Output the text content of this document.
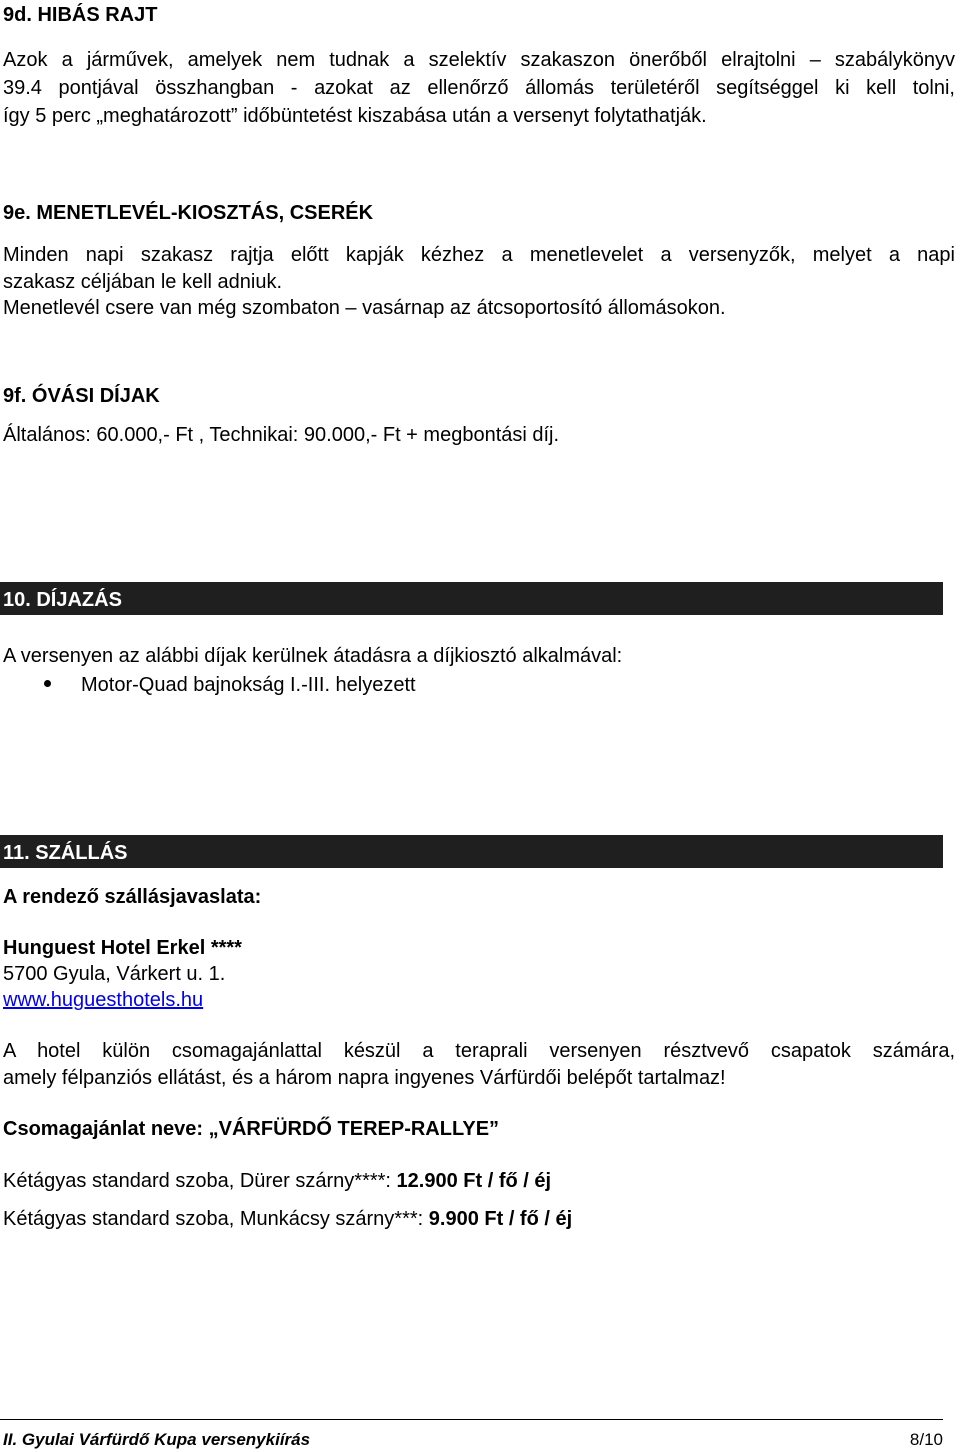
9d. HIBÁS RAJT
Azok a járművek, amelyek nem tudnak a szelektív szakaszon önerőből elrajtolni – szabálykönyv
39.4 pontjával összhangban - azokat az ellenőrző állomás területéről segítséggel ki kell tolni,
így 5 perc „meghatározott” időbüntetést kiszabása után a versenyt folytathatják.
9e. MENETLEVÉL-KIOSZTÁS, CSERÉK
Minden napi szakasz rajtja előtt kapják kézhez a menetlevelet a versenyzők, melyet a napi
szakasz céljában le kell adniuk.
Menetlevél csere van még szombaton – vasárnap az átcsoportosító állomásokon.
9f. ÓVÁSI DÍJAK
Általános: 60.000,- Ft , Technikai: 90.000,- Ft + megbontási díj.
10. DÍJAZÁS
A versenyen az alábbi díjak kerülnek átadásra a díjkiosztó alkalmával:
Motor-Quad bajnokság I.-III. helyezett
11. SZÁLLÁS
A rendező szállásjavaslata:
Hunguest Hotel Erkel ****
5700 Gyula, Várkert u. 1.
www.huguesthotels.hu
A hotel külön csomagajánlattal készül a teraprali versenyen résztvevő csapatok számára,
amely félpanziós ellátást, és a három napra ingyenes Várfürdői belépőt tartalmaz!
Csomagajánlat neve: „VÁRFÜRDŐ TEREP-RALLYE”
Kétágyas standard szoba, Dürer szárny****: 12.900 Ft / fő / éj
Kétágyas standard szoba, Munkácsy szárny***: 9.900 Ft / fő / éj
II. Gyulai Várfürdő Kupa versenykiírás	8/10
